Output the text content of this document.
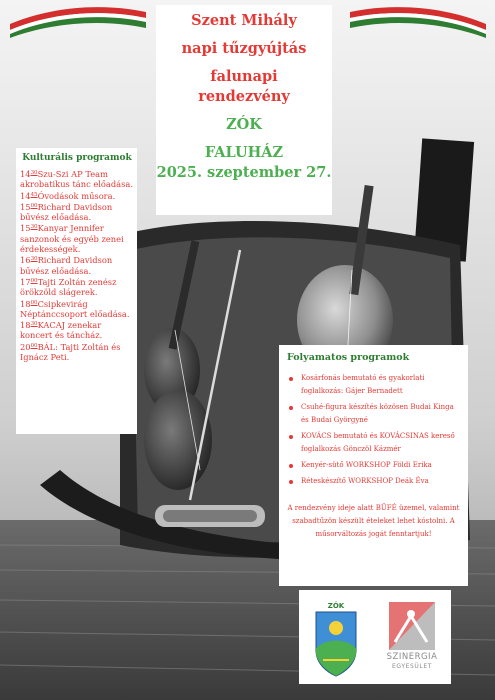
Szent Mihály
napi tűzgyújtás
falunapi
rendezvény
ZÓK
FALUHÁZ
2025. szeptember 27.
Kulturális programok
$14^{30}Szu$-Szi AP Team akrobatikus tánc előadása.
$14^{45}Óvodások$ műsora.
$15^{00}Richard$ Davidson bűvész előadása.
$15^{30}Kanyar$ Jennifer sanzonok és egyéb zenei érdekességek.
$16^{30}Richard$ Davidson bűvész előadása.
$17^{00}Tajti$ Zoltán zenész örökzöld slágerek.
$18^{00}Csipkevirág$ Néptánccsoport előadása.
$18^{30}KACAJ$ zenekar koncert és táncház.
$20^{00}BÁL$: Tajti Zoltán és Ignácz Peti.	Folyamatos programok
Kosárfonás bemutató és gyakorlati foglalkozás: Gájer Bernadett
Csuhé-figura készítés közösen Budai Kinga és Budai Györgyné
KOVÁCS bemutató és KOVÁCSINAS kereső foglalkozás Gönczöl Kázmér
Kenyér-sütő WORKSHOP Földi Erika
Réteskészítő WORKSHOP Deák Éva
A rendezvény ideje alatt BÜFÉ üzemel, valamint szabadtűzön készült ételeket lehet kóstolni. A műsorváltozás jogát fenntartjuk!
ZÓK
SZINERGIA
EGYESÜLET
